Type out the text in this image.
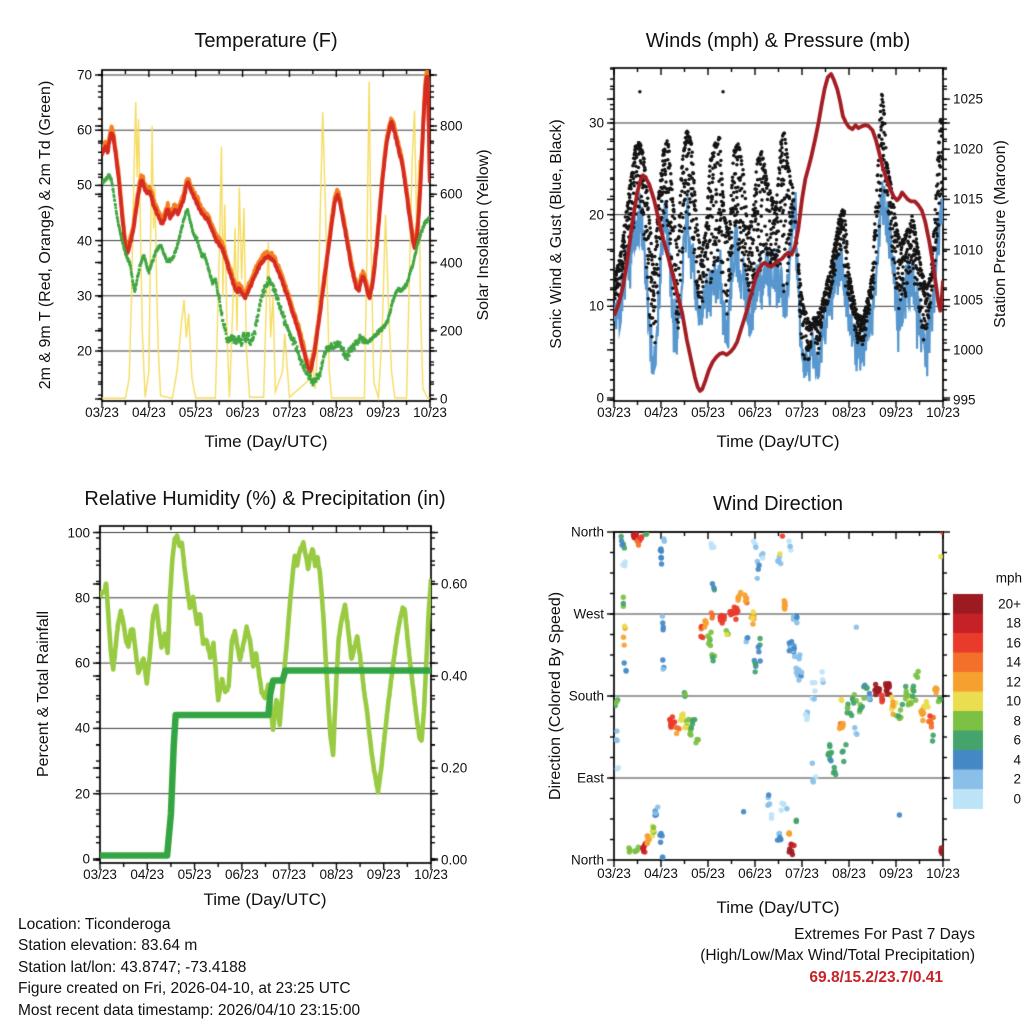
Temperature (F)	Winds (mph) & Pressure (mb)
Relative Humidity (%) & Precipitation (in)	Wind Direction
2m & 9m T (Red, Orange) & 2m Td (Green)	Solar Insolation (Yellow)	Sonic Wind & Gust (Blue, Black)	Station Pressure (Maroon)
Percent & Total Rainfall	Direction (Colored By Speed)
Time (Day/UTC)	Time (Day/UTC)
Time (Day/UTC)	Time (Day/UTC)
mph
Location: Ticonderoga
Station elevation: 83.64 m
Station lat/lon: 43.8747; -73.4188
Figure created on Fri, 2026-04-10, at 23:25 UTC
Most recent data timestamp: 2026/04/10 23:15:00
Extremes For Past 7 Days
(High/Low/Max Wind/Total Precipitation)
69.8/15.2/23.7/0.41
03/23	03/23
03/23	03/23
04/23	04/23
04/23	04/23
05/23	05/23
05/23	05/23
06/23	06/23
06/23	06/23
07/23	07/23
07/23	07/23
08/23	08/23
08/23	08/23
09/23	09/23
09/23	09/23
10/23	10/23
10/23	10/23
70
60
50
40
30
20
800
600
400
200
0
30
20
10
0
1025
1020
1015
1010
1005
1000
995
100
80
60
40
20
0
0.60
0.40
0.20
0.00
North
West
South
East
North
20+
18
16
14
12
10
8
6
4
2
0
